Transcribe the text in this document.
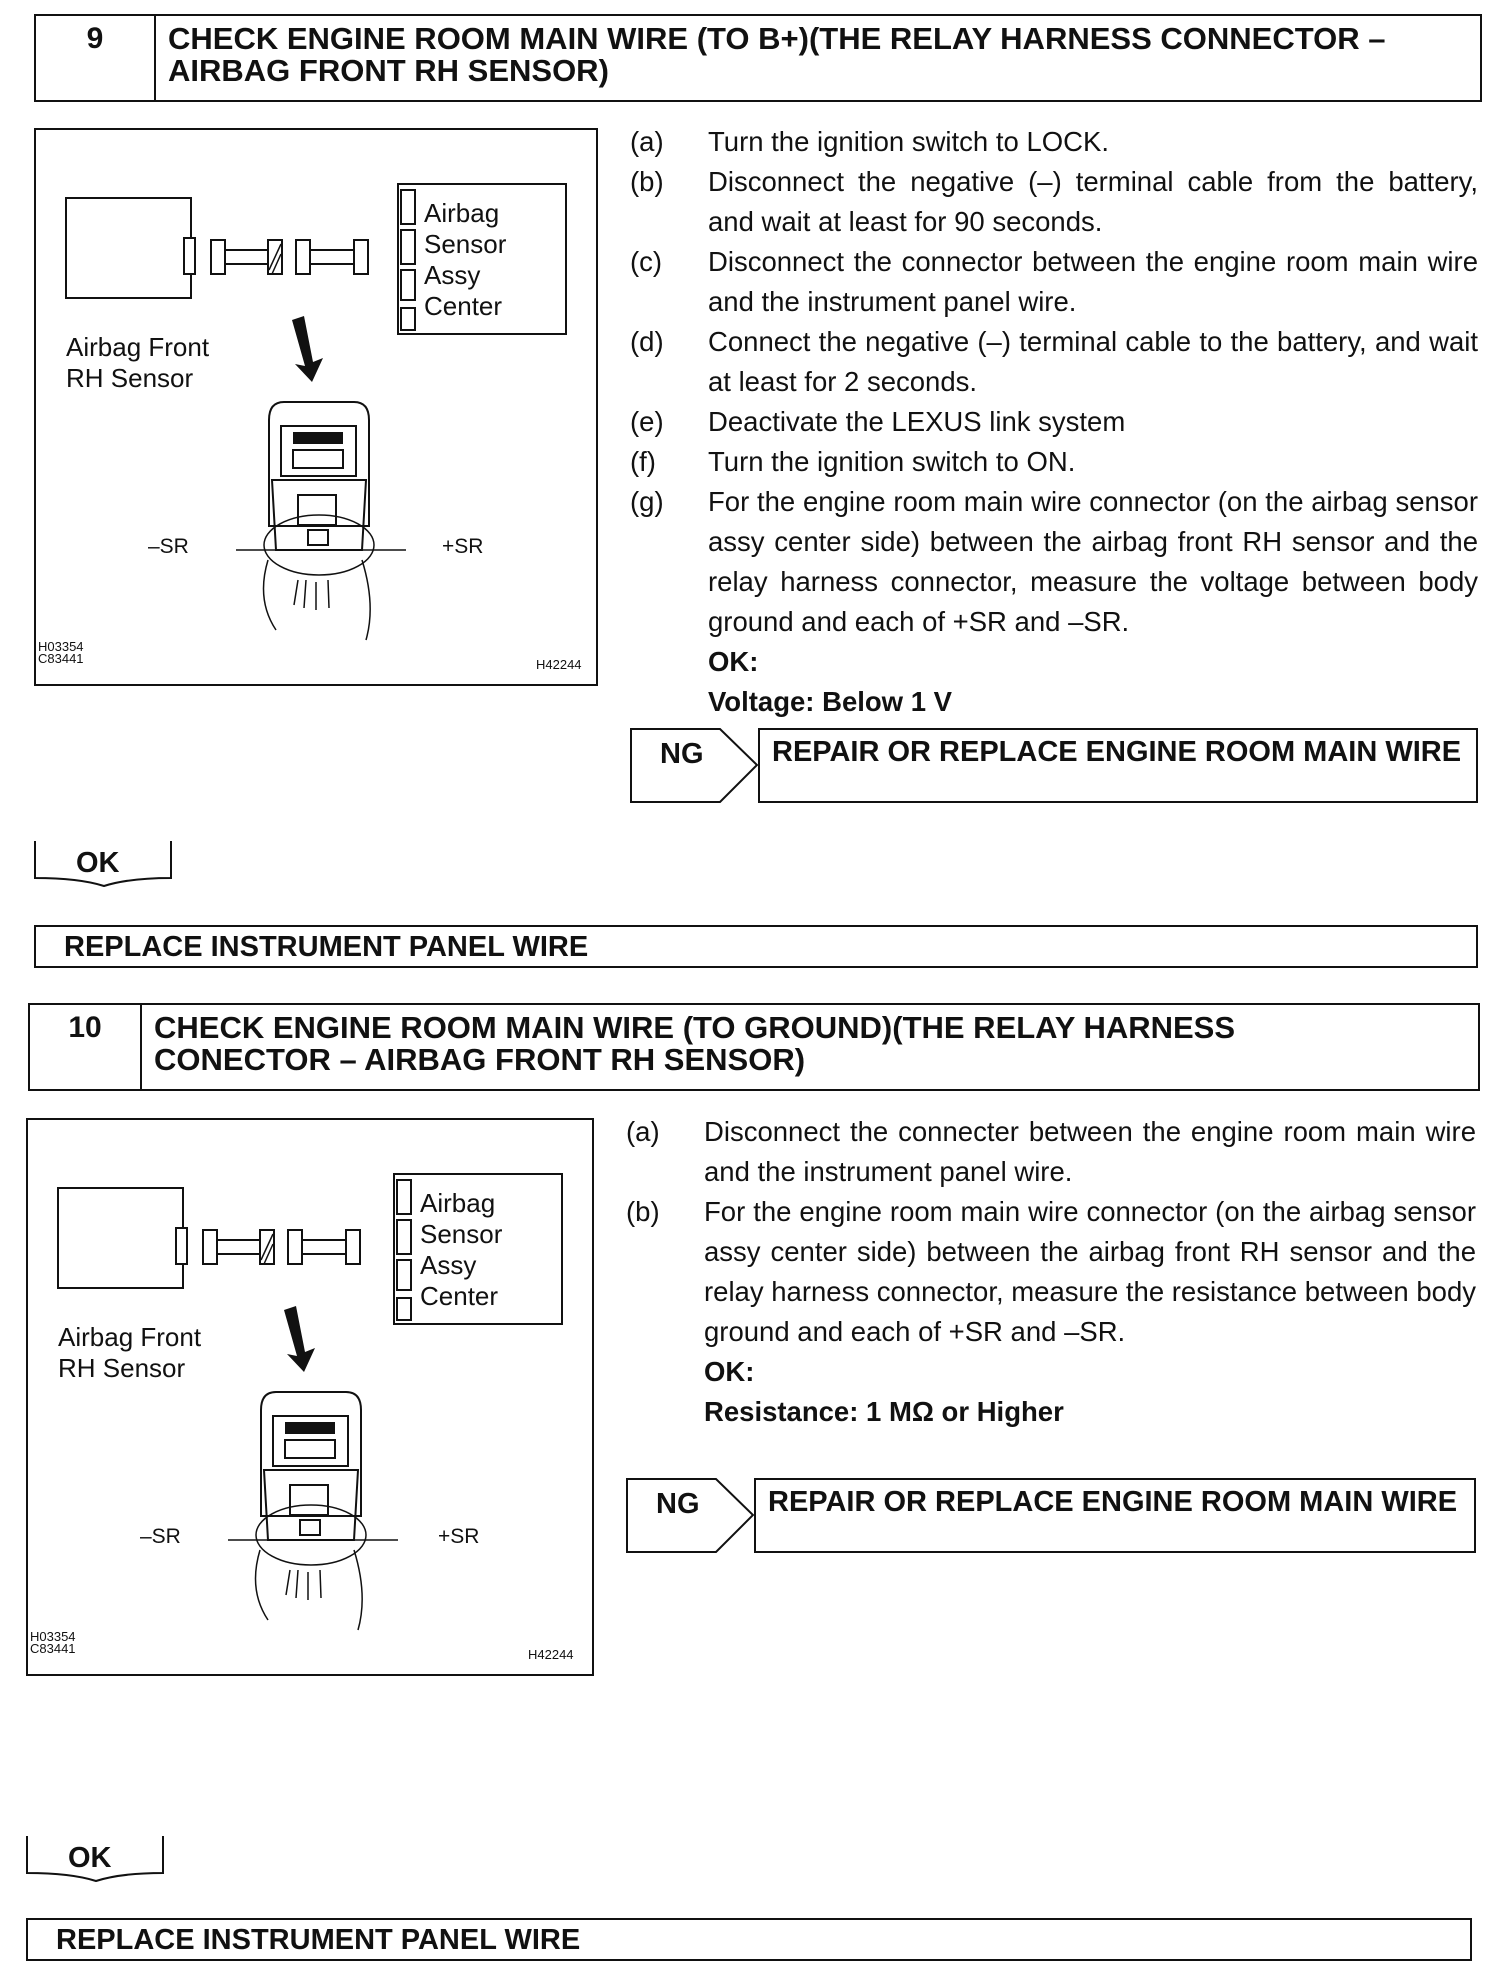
9	CHECK ENGINE ROOM MAIN WIRE (TO B+)(THE RELAY HARNESS CONNECTOR – AIRBAG FRONT RH SENSOR)
Airbag
Sensor
Assy
Center
Airbag Front
RH Sensor
–SR	+SR
H03354
C83441	H42244
(a)	Turn the ignition switch to LOCK.
(b)	Disconnect the negative (–) terminal cable from the battery, and wait at least for 90 seconds.
(c)	Disconnect the connector between the engine room main wire and the instrument panel wire.
(d)	Connect the negative (–) terminal cable to the battery, and wait at least for 2 seconds.
(e)	Deactivate the LEXUS link system
(f)	Turn the ignition switch to ON.
(g)	For the engine room main wire connector (on the airbag sensor assy center side) between the airbag front RH sensor and the relay harness connector, measure the voltage between body ground and each of +SR and –SR.
OK:
Voltage: Below 1 V
NG	REPAIR OR REPLACE ENGINE ROOM MAIN WIRE
OK
REPLACE INSTRUMENT PANEL WIRE
10	CHECK ENGINE ROOM MAIN WIRE (TO GROUND)(THE RELAY HARNESS CONECTOR – AIRBAG FRONT RH SENSOR)
Airbag
Sensor
Assy
Center
Airbag Front
RH Sensor
–SR	+SR
H03354
C83441	H42244
(a)	Disconnect the connecter between the engine room main wire and the instrument panel wire.
(b)	For the engine room main wire connector (on the airbag sensor assy center side) between the airbag front RH sensor and the relay harness connector, measure the resistance between body ground and each of +SR and –SR.
OK:
Resistance: 1 MΩ or Higher
NG	REPAIR OR REPLACE ENGINE ROOM MAIN WIRE
OK
REPLACE INSTRUMENT PANEL WIRE
